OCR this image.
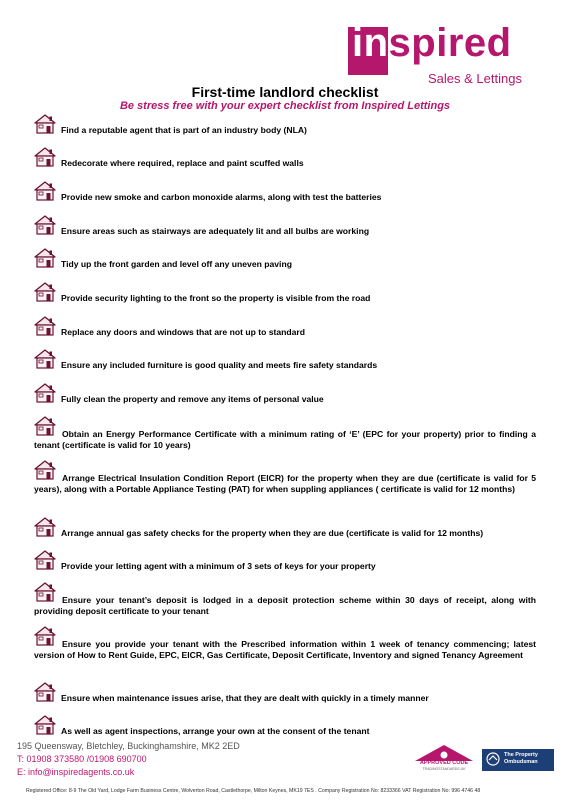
inspired
Sales & Lettings
First-time landlord checklist
Be stress free with your expert checklist from Inspired Lettings
Find a reputable agent that is part of an industry body (NLA)
Redecorate where required, replace and paint scuffed walls
Provide new smoke and carbon monoxide alarms, along with test the batteries
Ensure areas such as stairways are adequately lit and all bulbs are working
Tidy up the front garden and level off any uneven paving
Provide security lighting to the front so the property is visible from the road
Replace any doors and windows that are not up to standard
Ensure any included furniture is good quality and meets fire safety standards
Fully clean the property and remove any items of personal value
Obtain an Energy Performance Certificate with a minimum rating of ‘E’ (EPC for your property) prior to finding a tenant (certificate is valid for 10 years)
Arrange Electrical Insulation Condition Report (EICR) for the property when they are due (certificate is valid for 5 years), along with a Portable Appliance Testing (PAT) for when suppling appliances ( certificate is valid for 12 months)
Arrange annual gas safety checks for the property when they are due (certificate is valid for 12 months)
Provide your letting agent with a minimum of 3 sets of keys for your property
Ensure your tenant’s deposit is lodged in a deposit protection scheme within 30 days of receipt, along with providing deposit certificate to your tenant
Ensure you provide your tenant with the Prescribed information within 1 week of tenancy commencing; latest version of How to Rent Guide, EPC, EICR, Gas Certificate, Deposit Certificate, Inventory and signed Tenancy Agreement
Ensure when maintenance issues arise, that they are dealt with quickly in a timely manner
As well as agent inspections, arrange your own at the consent of the tenant
195 Queensway, Bletchley, Buckinghamshire, MK2 2ED
T: 01908 373580 /01908 690700
E: info@inspiredagents.co.uk
APPROVED CODE
TRADINGSTANDARDS.UK
The Property Ombudsman
Registered Office: 8-9 The Old Yard, Lodge Farm Business Centre, Wolverton Road, Castlethorpe, Milton Keynes, MK19 7ES . Company Registration No: 8233366 VAT Registration No: 996 4746 48
